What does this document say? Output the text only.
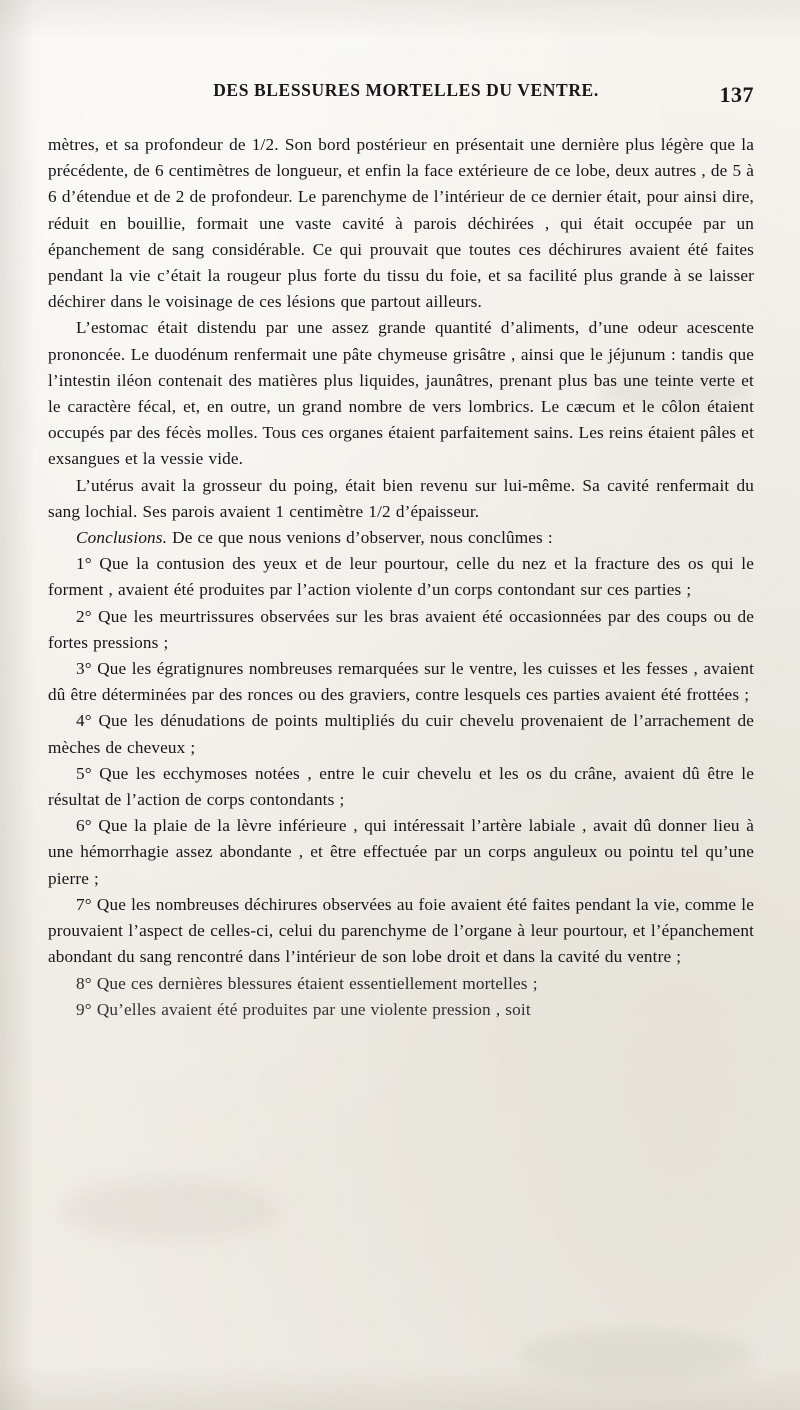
DES BLESSURES MORTELLES DU VENTRE.	137

mètres, et sa profondeur de 1/2. Son bord postérieur en présentait une dernière plus légère que la précédente, de 6 centimètres de longueur, et enfin la face extérieure de ce lobe, deux autres , de 5 à 6 d’étendue et de 2 de profondeur. Le parenchyme de l’intérieur de ce dernier était, pour ainsi dire, réduit en bouillie, formait une vaste cavité à parois déchirées , qui était occupée par un épanchement de sang considérable. Ce qui prouvait que toutes ces déchirures avaient été faites pendant la vie c’était la rougeur plus forte du tissu du foie, et sa facilité plus grande à se laisser déchirer dans le voisinage de ces lésions que partout ailleurs.

L’estomac était distendu par une assez grande quantité d’aliments, d’une odeur acescente prononcée. Le duodénum renfermait une pâte chymeuse grisâtre , ainsi que le jéjunum : tandis que l’intestin iléon contenait des matières plus liquides, jaunâtres, prenant plus bas une teinte verte et le caractère fécal, et, en outre, un grand nombre de vers lombrics. Le cæcum et le côlon étaient occupés par des fécès molles. Tous ces organes étaient parfaitement sains. Les reins étaient pâles et exsangues et la vessie vide.

L’utérus avait la grosseur du poing, était bien revenu sur lui-même. Sa cavité renfermait du sang lochial. Ses parois avaient 1 centimètre 1/2 d’épaisseur.

Conclusions. De ce que nous venions d’observer, nous conclûmes :

1° Que la contusion des yeux et de leur pourtour, celle du nez et la fracture des os qui le forment , avaient été produites par l’action violente d’un corps contondant sur ces parties ;

2° Que les meurtrissures observées sur les bras avaient été occasionnées par des coups ou de fortes pressions ;

3° Que les égratignures nombreuses remarquées sur le ventre, les cuisses et les fesses , avaient dû être déterminées par des ronces ou des graviers, contre lesquels ces parties avaient été frottées ;

4° Que les dénudations de points multipliés du cuir chevelu provenaient de l’arrachement de mèches de cheveux ;

5° Que les ecchymoses notées , entre le cuir chevelu et les os du crâne, avaient dû être le résultat de l’action de corps contondants ;

6° Que la plaie de la lèvre inférieure , qui intéressait l’artère labiale , avait dû donner lieu à une hémorrhagie assez abondante , et être effectuée par un corps anguleux ou pointu tel qu’une pierre ;

7° Que les nombreuses déchirures observées au foie avaient été faites pendant la vie, comme le prouvaient l’aspect de celles-ci, celui du parenchyme de l’organe à leur pourtour, et l’épanchement abondant du sang rencontré dans l’intérieur de son lobe droit et dans la cavité du ventre ;

8° Que ces dernières blessures étaient essentiellement mortelles ;

9° Qu’elles avaient été produites par une violente pression , soit
